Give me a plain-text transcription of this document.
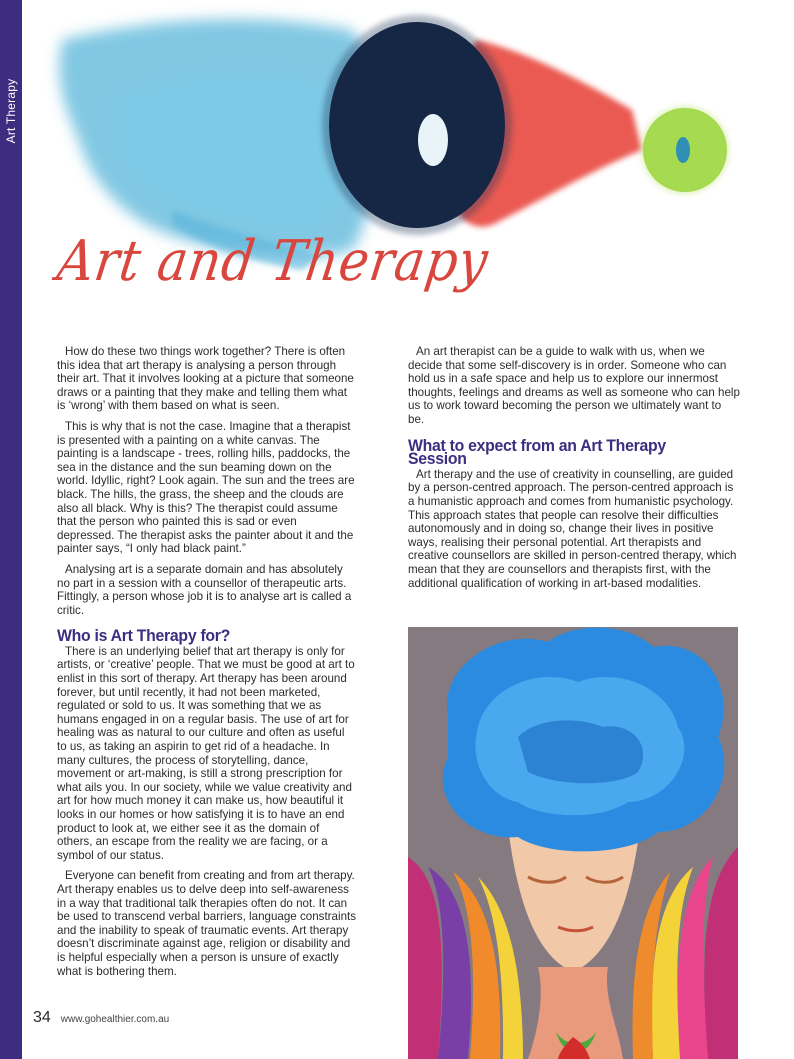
Art Therapy
Art and Therapy

How do these two things work together? There is often this idea that art therapy is analysing a person through their art. That it involves looking at a picture that someone draws or a painting that they make and telling them what is ‘wrong’ with them based on what is seen.

This is why that is not the case. Imagine that a therapist is presented with a painting on a white canvas. The painting is a landscape - trees, rolling hills, paddocks, the sea in the distance and the sun beaming down on the world. Idyllic, right? Look again. The sun and the trees are black. The hills, the grass, the sheep and the clouds are also all black. Why is this? The therapist could assume that the person who painted this is sad or even depressed. The therapist asks the painter about it and the painter says, “I only had black paint.”

Analysing art is a separate domain and has absolutely no part in a session with a counsellor of therapeutic arts. Fittingly, a person whose job it is to analyse art is called a critic.

Who is Art Therapy for?

There is an underlying belief that art therapy is only for artists, or ‘creative’ people. That we must be good at art to enlist in this sort of therapy. Art therapy has been around forever, but until recently, it had not been marketed, regulated or sold to us. It was something that we as humans engaged in on a regular basis. The use of art for healing was as natural to our culture and often as useful to us, as taking an aspirin to get rid of a headache. In many cultures, the process of storytelling, dance, movement or art-making, is still a strong prescription for what ails you. In our society, while we value creativity and art for how much money it can make us, how beautiful it looks in our homes or how satisfying it is to have an end product to look at, we either see it as the domain of others, an escape from the reality we are facing, or a symbol of our status.

Everyone can benefit from creating and from art therapy. Art therapy enables us to delve deep into self-awareness in a way that traditional talk therapies often do not. It can be used to transcend verbal barriers, language constraints and the inability to speak of traumatic events. Art therapy doesn’t discriminate against age, religion or disability and is helpful especially when a person is unsure of exactly what is bothering them.

An art therapist can be a guide to walk with us, when we decide that some self-discovery is in order. Someone who can hold us in a safe space and help us to explore our innermost thoughts, feelings and dreams as well as someone who can help us to work toward becoming the person we ultimately want to be.

What to expect from an Art Therapy Session

Art therapy and the use of creativity in counselling, are guided by a person-centred approach. The person-centred approach is a humanistic approach and comes from humanistic psychology. This approach states that people can resolve their difficulties autonomously and in doing so, change their lives in positive ways, realising their personal potential. Art therapists and creative counsellors are skilled in person-centred therapy, which mean that they are counsellors and therapists first, with the additional qualification of working in art-based modalities.

34 www.gohealthier.com.au
